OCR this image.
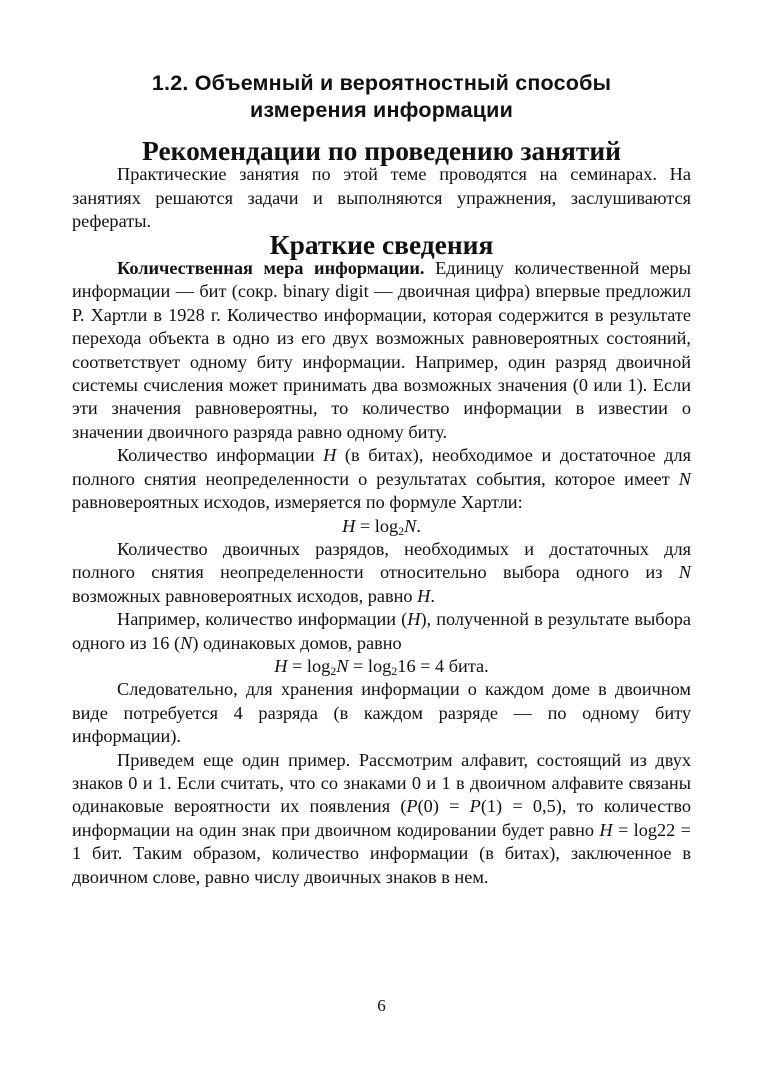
1.2. Объемный и вероятностный способы
измерения информации
Рекомендации по проведению занятий

Практические занятия по этой теме проводятся на семинарах. На занятиях решаются задачи и выполняются упражнения, заслушиваются рефераты.

Краткие сведения

Количественная мера информации. Единицу количественной меры информации — бит (сокр. binary digit — двоичная цифра) впервые предложил Р. Хартли в 1928 г. Количество информации, которая содержится в результате перехода объекта в одно из его двух возможных равновероятных состояний, соответствует одному биту информации. Например, один разряд двоичной системы счисления может принимать два возможных значения (0 или 1). Если эти значения равновероятны, то количество информации в известии о значении двоичного разряда равно одному биту.

Количество информации H (в битах), необходимое и достаточное для полного снятия неопределенности о результатах события, которое имеет N равновероятных исходов, измеряется по формуле Хартли:

$H = \log_2N$.

Количество двоичных разрядов, необходимых и достаточных для полного снятия неопределенности относительно выбора одного из N возможных равновероятных исходов, равно H.

Например, количество информации (H), полученной в результате выбора одного из 16 (N) одинаковых домов, равно

$H = \log_2N = \log_216 = 4$ бита.

Следовательно, для хранения информации о каждом доме в двоичном виде потребуется 4 разряда (в каждом разряде — по одному биту информации).

Приведем еще один пример. Рассмотрим алфавит, состоящий из двух знаков 0 и 1. Если считать, что со знаками 0 и 1 в двоичном алфавите связаны одинаковые вероятности их появления (P(0) = P(1) = 0,5), то количество информации на один знак при двоичном кодировании будет равно H = log22 = 1 бит. Таким образом, количество информации (в битах), заключенное в двоичном слове, равно числу двоичных знаков в нем.

6
